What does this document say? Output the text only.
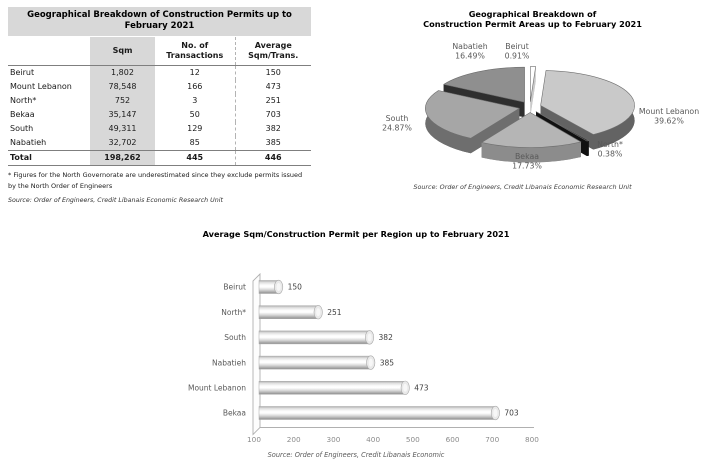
Geographical Breakdown of Construction Permits up to February 2021
	Sqm	No. of Transactions	Average Sqm/Trans.
Beirut	1,802	12	150
Mount Lebanon	78,548	166	473
North*	752	3	251
Bekaa	35,147	50	703
South	49,311	129	382
Nabatieh	32,702	85	385
Total	198,262	445	446
* Figures for the North Governorate are underestimated since they exclude permits issued by the North Order of Engineers
Source: Order of Engineers, Credit Libanais Economic Research Unit
Geographical Breakdown of
Construction Permit Areas up to February 2021
Beirut
0.91%
Mount Lebanon
39.62%
North*
0.38%
Bekaa
17.73%
South
24.87%
Nabatieh
16.49%
Source: Order of Engineers, Credit Libanais Economic Research Unit
Average Sqm/Construction Permit per Region up to February 2021
100	200	300	400	500	600	700	800
150
Beirut
251
North*
382
South
385
Nabatieh
473
Mount Lebanon
703
Bekaa
Source: Order of Engineers, Credit Libanais Economic
